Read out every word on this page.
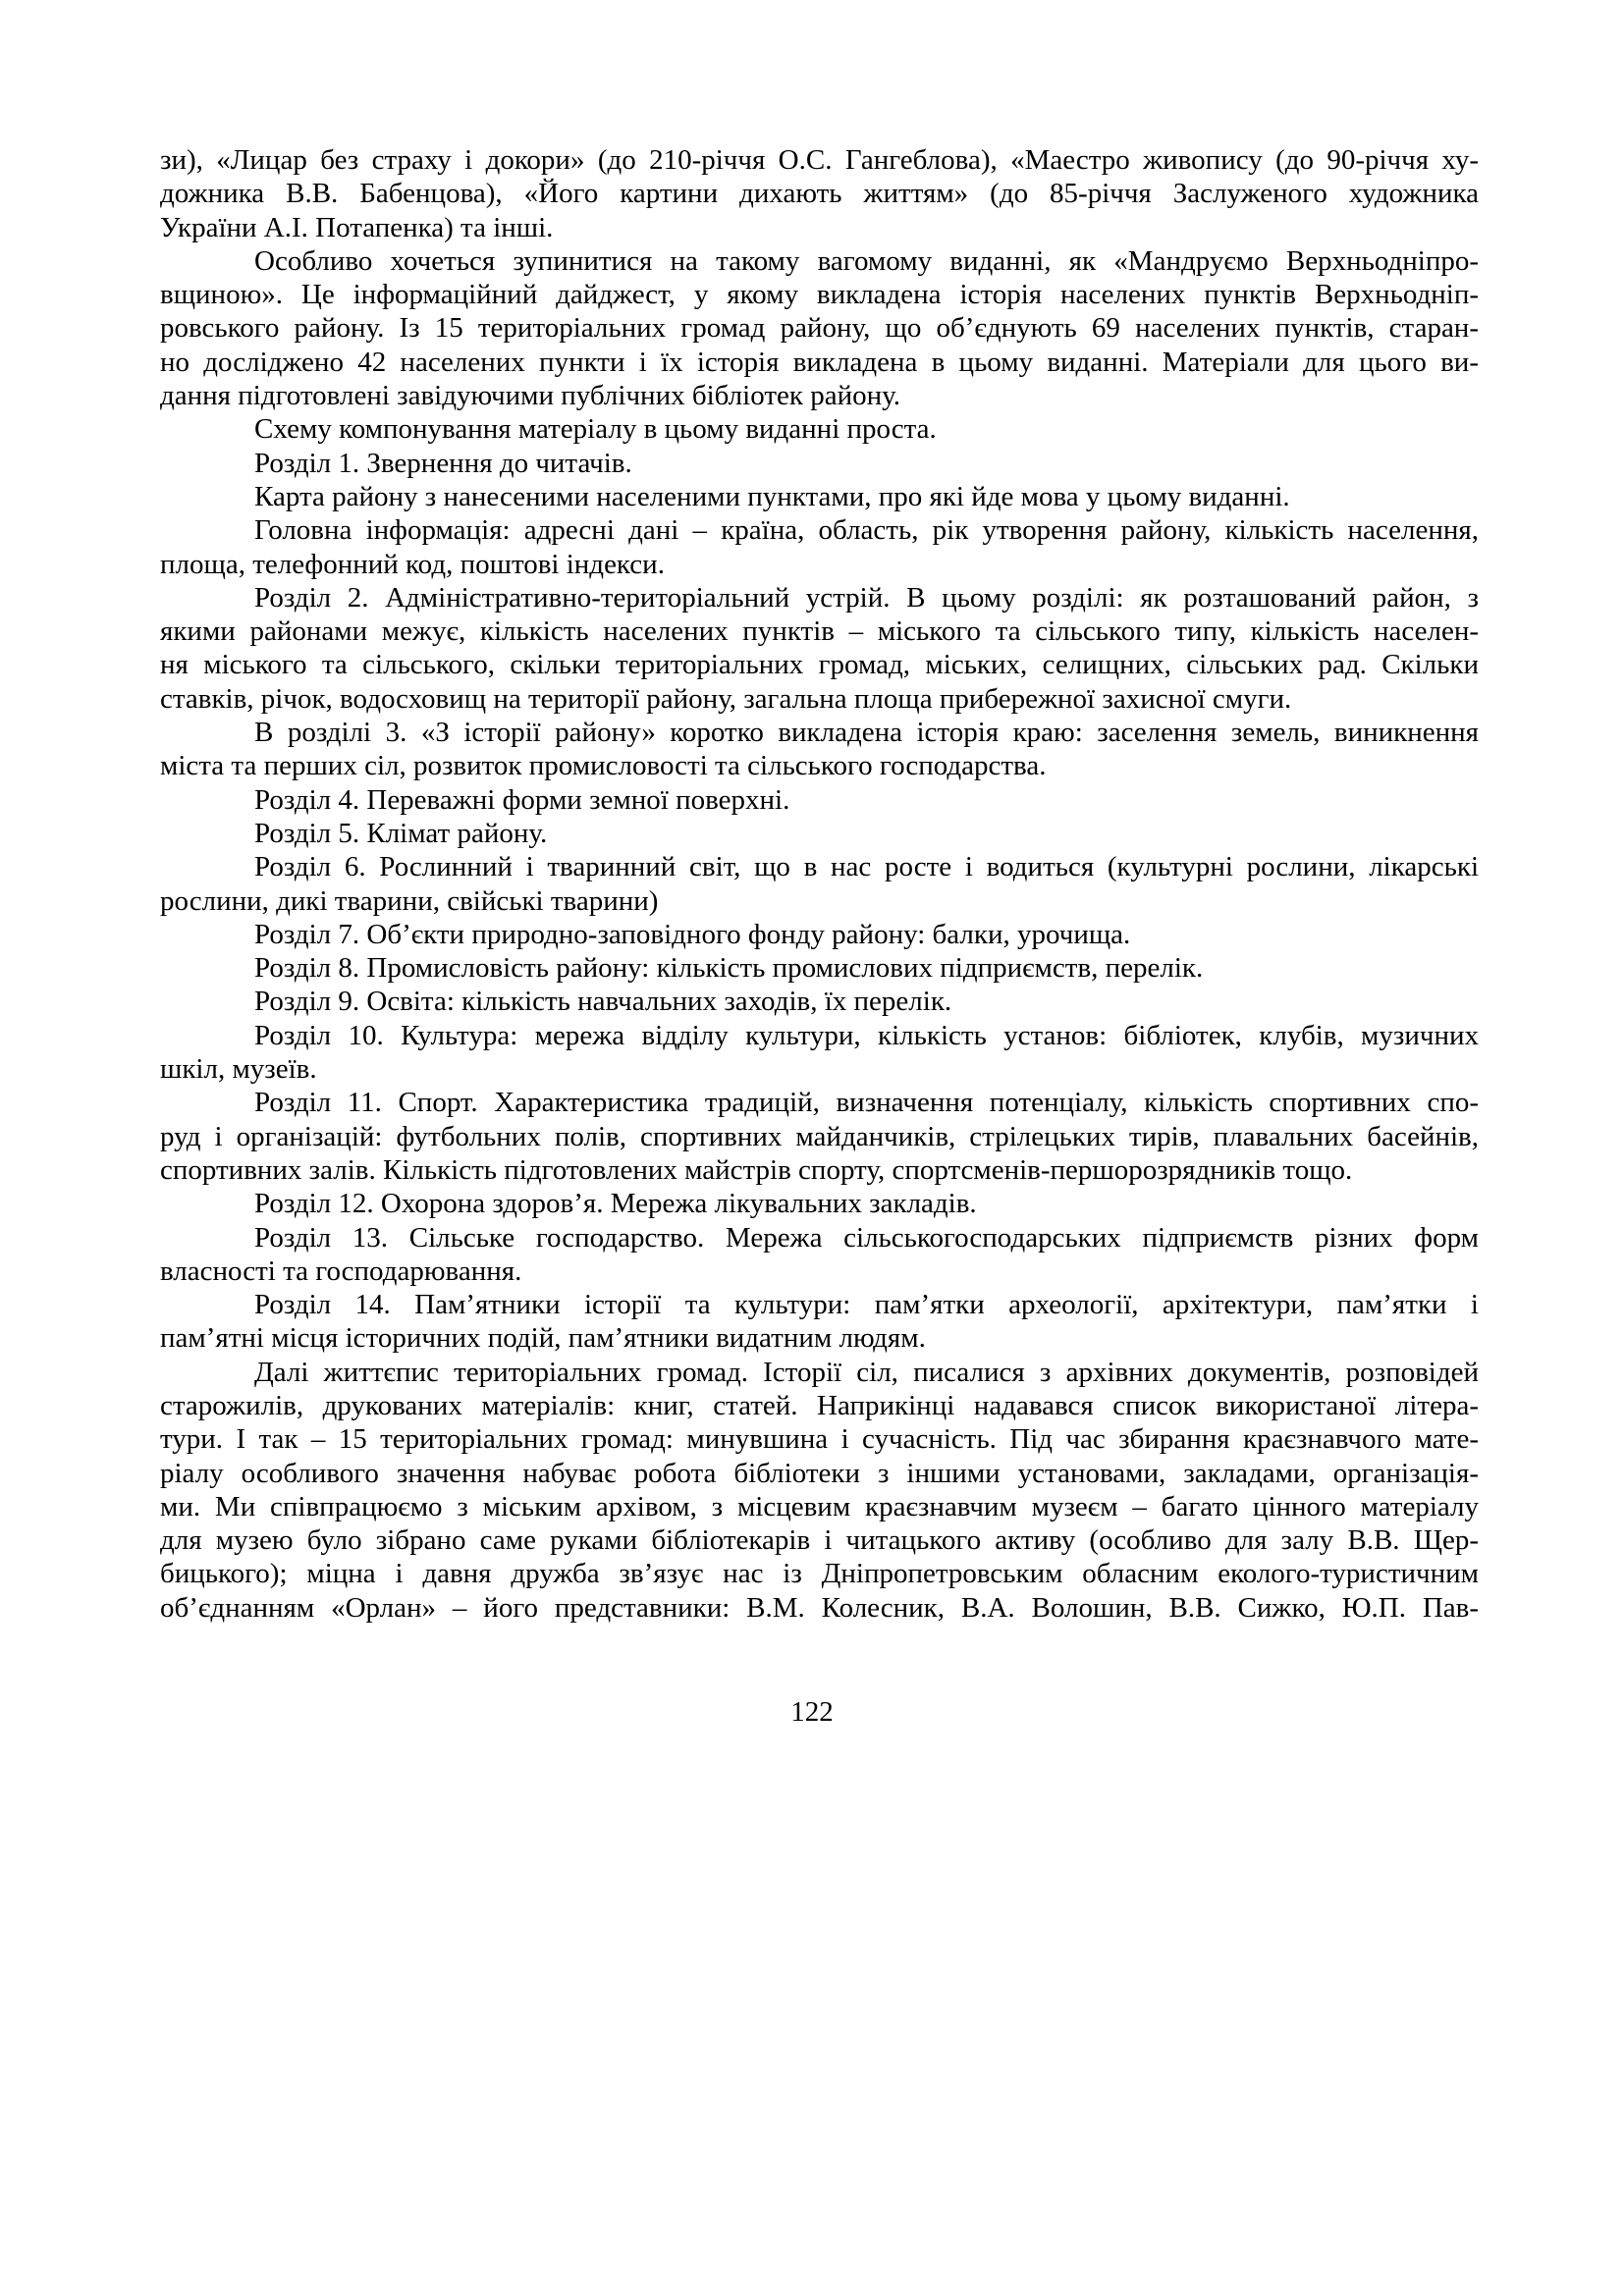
зи), «Лицар без страху і докори» (до 210-річчя О.С. Гангеблова), «Маестро живопису (до 90-річчя ху-
дожника В.В. Бабенцова), «Його картини дихають життям» (до 85-річчя Заслуженого художника
України А.І. Потапенка) та інші.
Особливо хочеться зупинитися на такому вагомому виданні, як «Мандруємо Верхньодніпро-
вщиною». Це інформаційний дайджест, у якому викладена історія населених пунктів Верхньодніп-
ровського району. Із 15 територіальних громад району, що об’єднують 69 населених пунктів, старан-
но досліджено 42 населених пункти і їх історія викладена в цьому виданні. Матеріали для цього ви-
дання підготовлені завідуючими публічних бібліотек району.
Схему компонування матеріалу в цьому виданні проста.
Розділ 1. Звернення до читачів.
Карта району з нанесеними населеними пунктами, про які йде мова у цьому виданні.
Головна інформація: адресні дані – країна, область, рік утворення району, кількість населення,
площа, телефонний код, поштові індекси.
Розділ 2. Адміністративно-територіальний устрій. В цьому розділі: як розташований район, з
якими районами межує, кількість населених пунктів – міського та сільського типу, кількість населен-
ня міського та сільського, скільки територіальних громад, міських, селищних, сільських рад. Скільки
ставків, річок, водосховищ на території району, загальна площа прибережної захисної смуги.
В розділі 3. «З історії району» коротко викладена історія краю: заселення земель, виникнення
міста та перших сіл, розвиток промисловості та сільського господарства.
Розділ 4. Переважні форми земної поверхні.
Розділ 5. Клімат району.
Розділ 6. Рослинний і тваринний світ, що в нас росте і водиться (культурні рослини, лікарські
рослини, дикі тварини, свійські тварини)
Розділ 7. Об’єкти природно-заповідного фонду району: балки, урочища.
Розділ 8. Промисловість району: кількість промислових підприємств, перелік.
Розділ 9. Освіта: кількість навчальних заходів, їх перелік.
Розділ 10. Культура: мережа відділу культури, кількість установ: бібліотек, клубів, музичних
шкіл, музеїв.
Розділ 11. Спорт. Характеристика традицій, визначення потенціалу, кількість спортивних спо-
руд і організацій: футбольних полів, спортивних майданчиків, стрілецьких тирів, плавальних басейнів,
спортивних залів. Кількість підготовлених майстрів спорту, спортсменів-першорозрядників тощо.
Розділ 12. Охорона здоров’я. Мережа лікувальних закладів.
Розділ 13. Сільське господарство. Мережа сільськогосподарських підприємств різних форм
власності та господарювання.
Розділ 14. Пам’ятники історії та культури: пам’ятки археології, архітектури, пам’ятки і
пам’ятні місця історичних подій, пам’ятники видатним людям.
Далі життєпис територіальних громад. Історії сіл, писалися з архівних документів, розповідей
старожилів, друкованих матеріалів: книг, статей. Наприкінці надавався список використаної літера-
тури. І так – 15 територіальних громад: минувшина і сучасність. Під час збирання краєзнавчого мате-
ріалу особливого значення набуває робота бібліотеки з іншими установами, закладами, організація-
ми. Ми співпрацюємо з міським архівом, з місцевим краєзнавчим музеєм – багато цінного матеріалу
для музею було зібрано саме руками бібліотекарів і читацького активу (особливо для залу В.В. Щер-
бицького); міцна і давня дружба зв’язує нас із Дніпропетровським обласним еколого-туристичним
об’єднанням «Орлан» – його представники: В.М. Колесник, В.А. Волошин, В.В. Сижко, Ю.П. Пав-
122
